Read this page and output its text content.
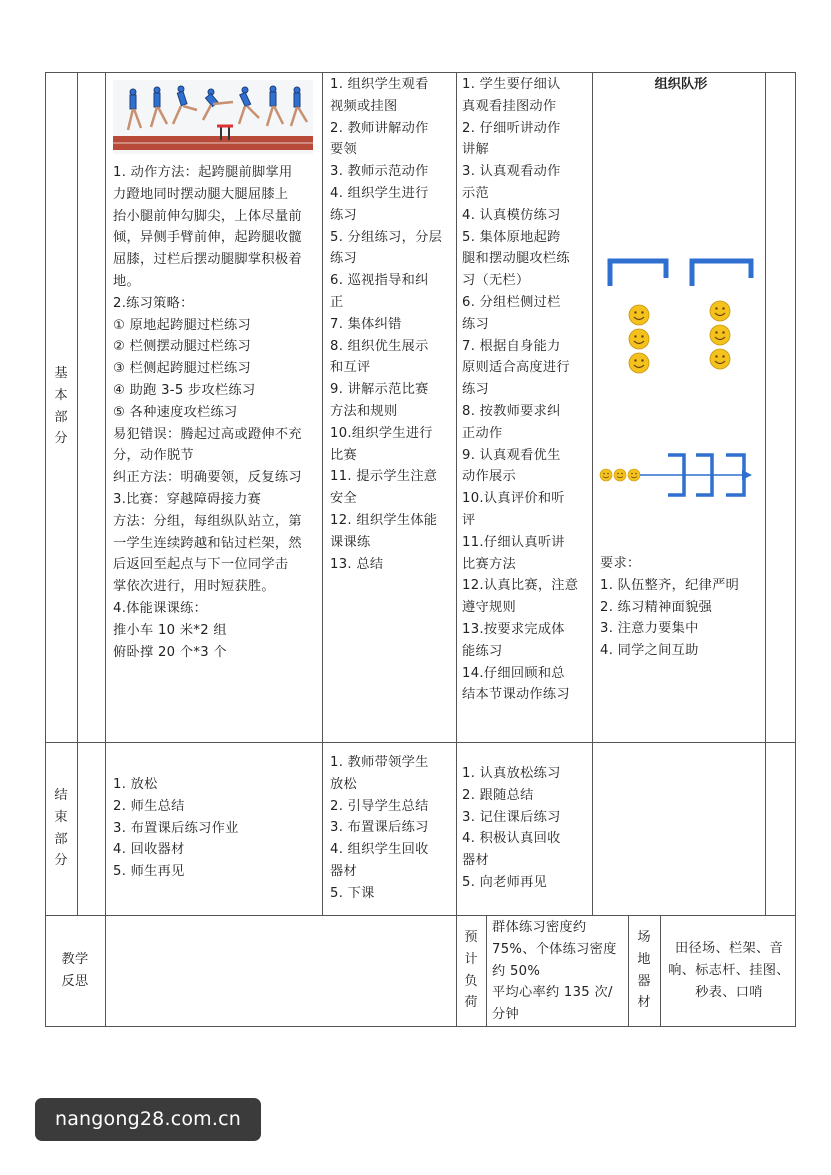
基
本
部
分
结
束
部
分
1. 动作方法：起跨腿前脚掌用
力蹬地同时摆动腿大腿屈膝上
抬小腿前伸勾脚尖，上体尽量前
倾，异侧手臂前伸，起跨腿收髋
屈膝，过栏后摆动腿脚掌积极着
地。
2.练习策略：
① 原地起跨腿过栏练习
② 栏侧摆动腿过栏练习
③ 栏侧起跨腿过栏练习
④ 助跑 3-5 步攻栏练习
⑤ 各种速度攻栏练习
易犯错误：腾起过高或蹬伸不充
分，动作脱节
纠正方法：明确要领，反复练习
3.比赛：穿越障碍接力赛
方法：分组，每组纵队站立，第
一学生连续跨越和钻过栏架，然
后返回至起点与下一位同学击
掌依次进行，用时短获胜。
4.体能课课练：
推小车 10 米*2 组
俯卧撑 20 个*3 个
1. 组织学生观看
视频或挂图
2. 教师讲解动作
要领
3. 教师示范动作
4. 组织学生进行
练习
5. 分组练习，分层
练习
6. 巡视指导和纠
正
7. 集体纠错
8. 组织优生展示
和互评
9. 讲解示范比赛
方法和规则
10.组织学生进行
比赛
11. 提示学生注意
安全
12. 组织学生体能
课课练
13. 总结
1. 学生要仔细认
真观看挂图动作
2. 仔细听讲动作
讲解
3. 认真观看动作
示范
4. 认真模仿练习
5. 集体原地起跨
腿和摆动腿攻栏练
习（无栏）
6. 分组栏侧过栏
练习
7. 根据自身能力
原则适合高度进行
练习
8. 按教师要求纠
正动作
9. 认真观看优生
动作展示
10.认真评价和听
评
11.仔细认真听讲
比赛方法
12.认真比赛，注意
遵守规则
13.按要求完成体
能练习
14.仔细回顾和总
结本节课动作练习
组织队形
要求：
1. 队伍整齐，纪律严明
2. 练习精神面貌强
3. 注意力要集中
4. 同学之间互助
1. 放松
2. 师生总结
3. 布置课后练习作业
4. 回收器材
5. 师生再见
1. 教师带领学生
放松
2. 引导学生总结
3. 布置课后练习
4. 组织学生回收
器材
5. 下课
1. 认真放松练习
2. 跟随总结
3. 记住课后练习
4. 积极认真回收
器材
5. 向老师再见
教学
反思
预
计
负
荷
群体练习密度约
75%、个体练习密度
约 50%
平均心率约 135 次/
分钟
场
地
器
材
田径场、栏架、音
响、标志杆、挂图、
秒表、口哨
nangong28.com.cn
